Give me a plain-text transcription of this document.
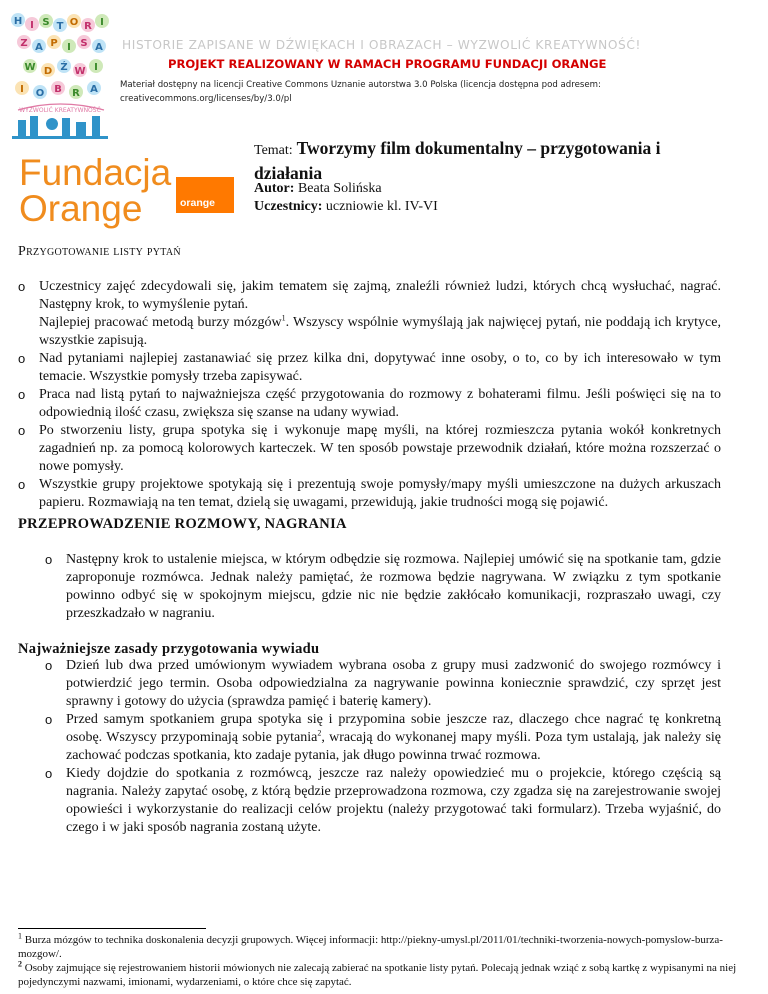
H I S T O R I
Z A P I S A
W D Ź W I
I O B R A
WYZWOLIĆ KREATYWNOŚĆ
HISTORIE ZAPISANE W DŹWIĘKACH I OBRAZACH – WYZWOLIĆ KREATYWNOŚĆ!
PROJEKT REALIZOWANY W RAMACH PROGRAMU FUNDACJI ORANGE
Materiał dostępny na licencji Creative Commons Uznanie autorstwa 3.0 Polska (licencja dostępna pod adresem: creativecommons.org/licenses/by/3.0/pl
Fundacja
Orange	orange
Temat: Tworzymy film dokumentalny – przygotowania i działania
Autor: Beata Solińska
Uczestnicy: uczniowie kl. IV-VI
Przygotowanie listy pytań
o Uczestnicy zajęć zdecydowali się, jakim tematem się zajmą, znaleźli również ludzi, których chcą wysłuchać, nagrać. Następny krok, to wymyślenie pytań.
Najlepiej pracować metodą burzy mózgów$^1$. Wszyscy wspólnie wymyślają jak najwięcej pytań, nie poddają ich krytyce, wszystkie zapisują.
o Nad pytaniami najlepiej zastanawiać się przez kilka dni, dopytywać inne osoby, o to, co by ich interesowało w tym temacie. Wszystkie pomysły trzeba zapisywać.
o Praca nad listą pytań to najważniejsza część przygotowania do rozmowy z bohaterami filmu. Jeśli poświęci się na to odpowiednią ilość czasu, zwiększa się szanse na udany wywiad.
o Po stworzeniu listy, grupa spotyka się i wykonuje mapę myśli, na której rozmieszcza pytania wokół konkretnych zagadnień np. za pomocą kolorowych karteczek. W ten sposób powstaje przewodnik działań, które można rozszerzać o nowe pomysły.
o Wszystkie grupy projektowe spotykają się i prezentują swoje pomysły/mapy myśli umieszczone na dużych arkuszach papieru. Rozmawiają na ten temat, dzielą się uwagami, przewidują, jakie trudności mogą się pojawić.
PRZEPROWADZENIE ROZMOWY, NAGRANIA
o Następny krok to ustalenie miejsca, w którym odbędzie się rozmowa. Najlepiej umówić się na spotkanie tam, gdzie zaproponuje rozmówca. Jednak należy pamiętać, że rozmowa będzie nagrywana. W związku z tym spotkanie powinno odbyć się w spokojnym miejscu, gdzie nic nie będzie zakłócało komunikacji, rozpraszało uwagi, czy przeszkadzało w nagraniu.
Najważniejsze zasady przygotowania wywiadu
o Dzień lub dwa przed umówionym wywiadem wybrana osoba z grupy musi zadzwonić do swojego rozmówcy i potwierdzić jego termin. Osoba odpowiedzialna za nagrywanie powinna koniecznie sprawdzić, czy sprzęt jest sprawny i gotowy do użycia (sprawdza pamięć i baterię kamery).
o Przed samym spotkaniem grupa spotyka się i przypomina sobie jeszcze raz, dlaczego chce nagrać tę konkretną osobę. Wszyscy przypominają sobie pytania$^2$, wracają do wykonanej mapy myśli. Poza tym ustalają, jak należy się zachować podczas spotkania, kto zadaje pytania, jak długo powinna trwać rozmowa.
o Kiedy dojdzie do spotkania z rozmówcą, jeszcze raz należy opowiedzieć mu o projekcie, którego częścią są nagrania. Należy zapytać osobę, z którą będzie przeprowadzona rozmowa, czy zgadza się na zarejestrowanie swojej opowieści i wykorzystanie do realizacji celów projektu (należy przygotować taki formularz). Trzeba wyjaśnić, do czego i w jaki sposób nagrania zostaną użyte.
$^1$ Burza mózgów to technika doskonalenia decyzji grupowych. Więcej informacji: http://piekny-umysl.pl/2011/01/techniki-tworzenia-nowych-pomyslow-burza-mozgow/.
$^2$ Osoby zajmujące się rejestrowaniem historii mówionych nie zalecają zabierać na spotkanie listy pytań. Polecają jednak wziąć z sobą kartkę z wypisanymi na niej pojedynczymi nazwami, imionami, wydarzeniami, o które chce się zapytać.
